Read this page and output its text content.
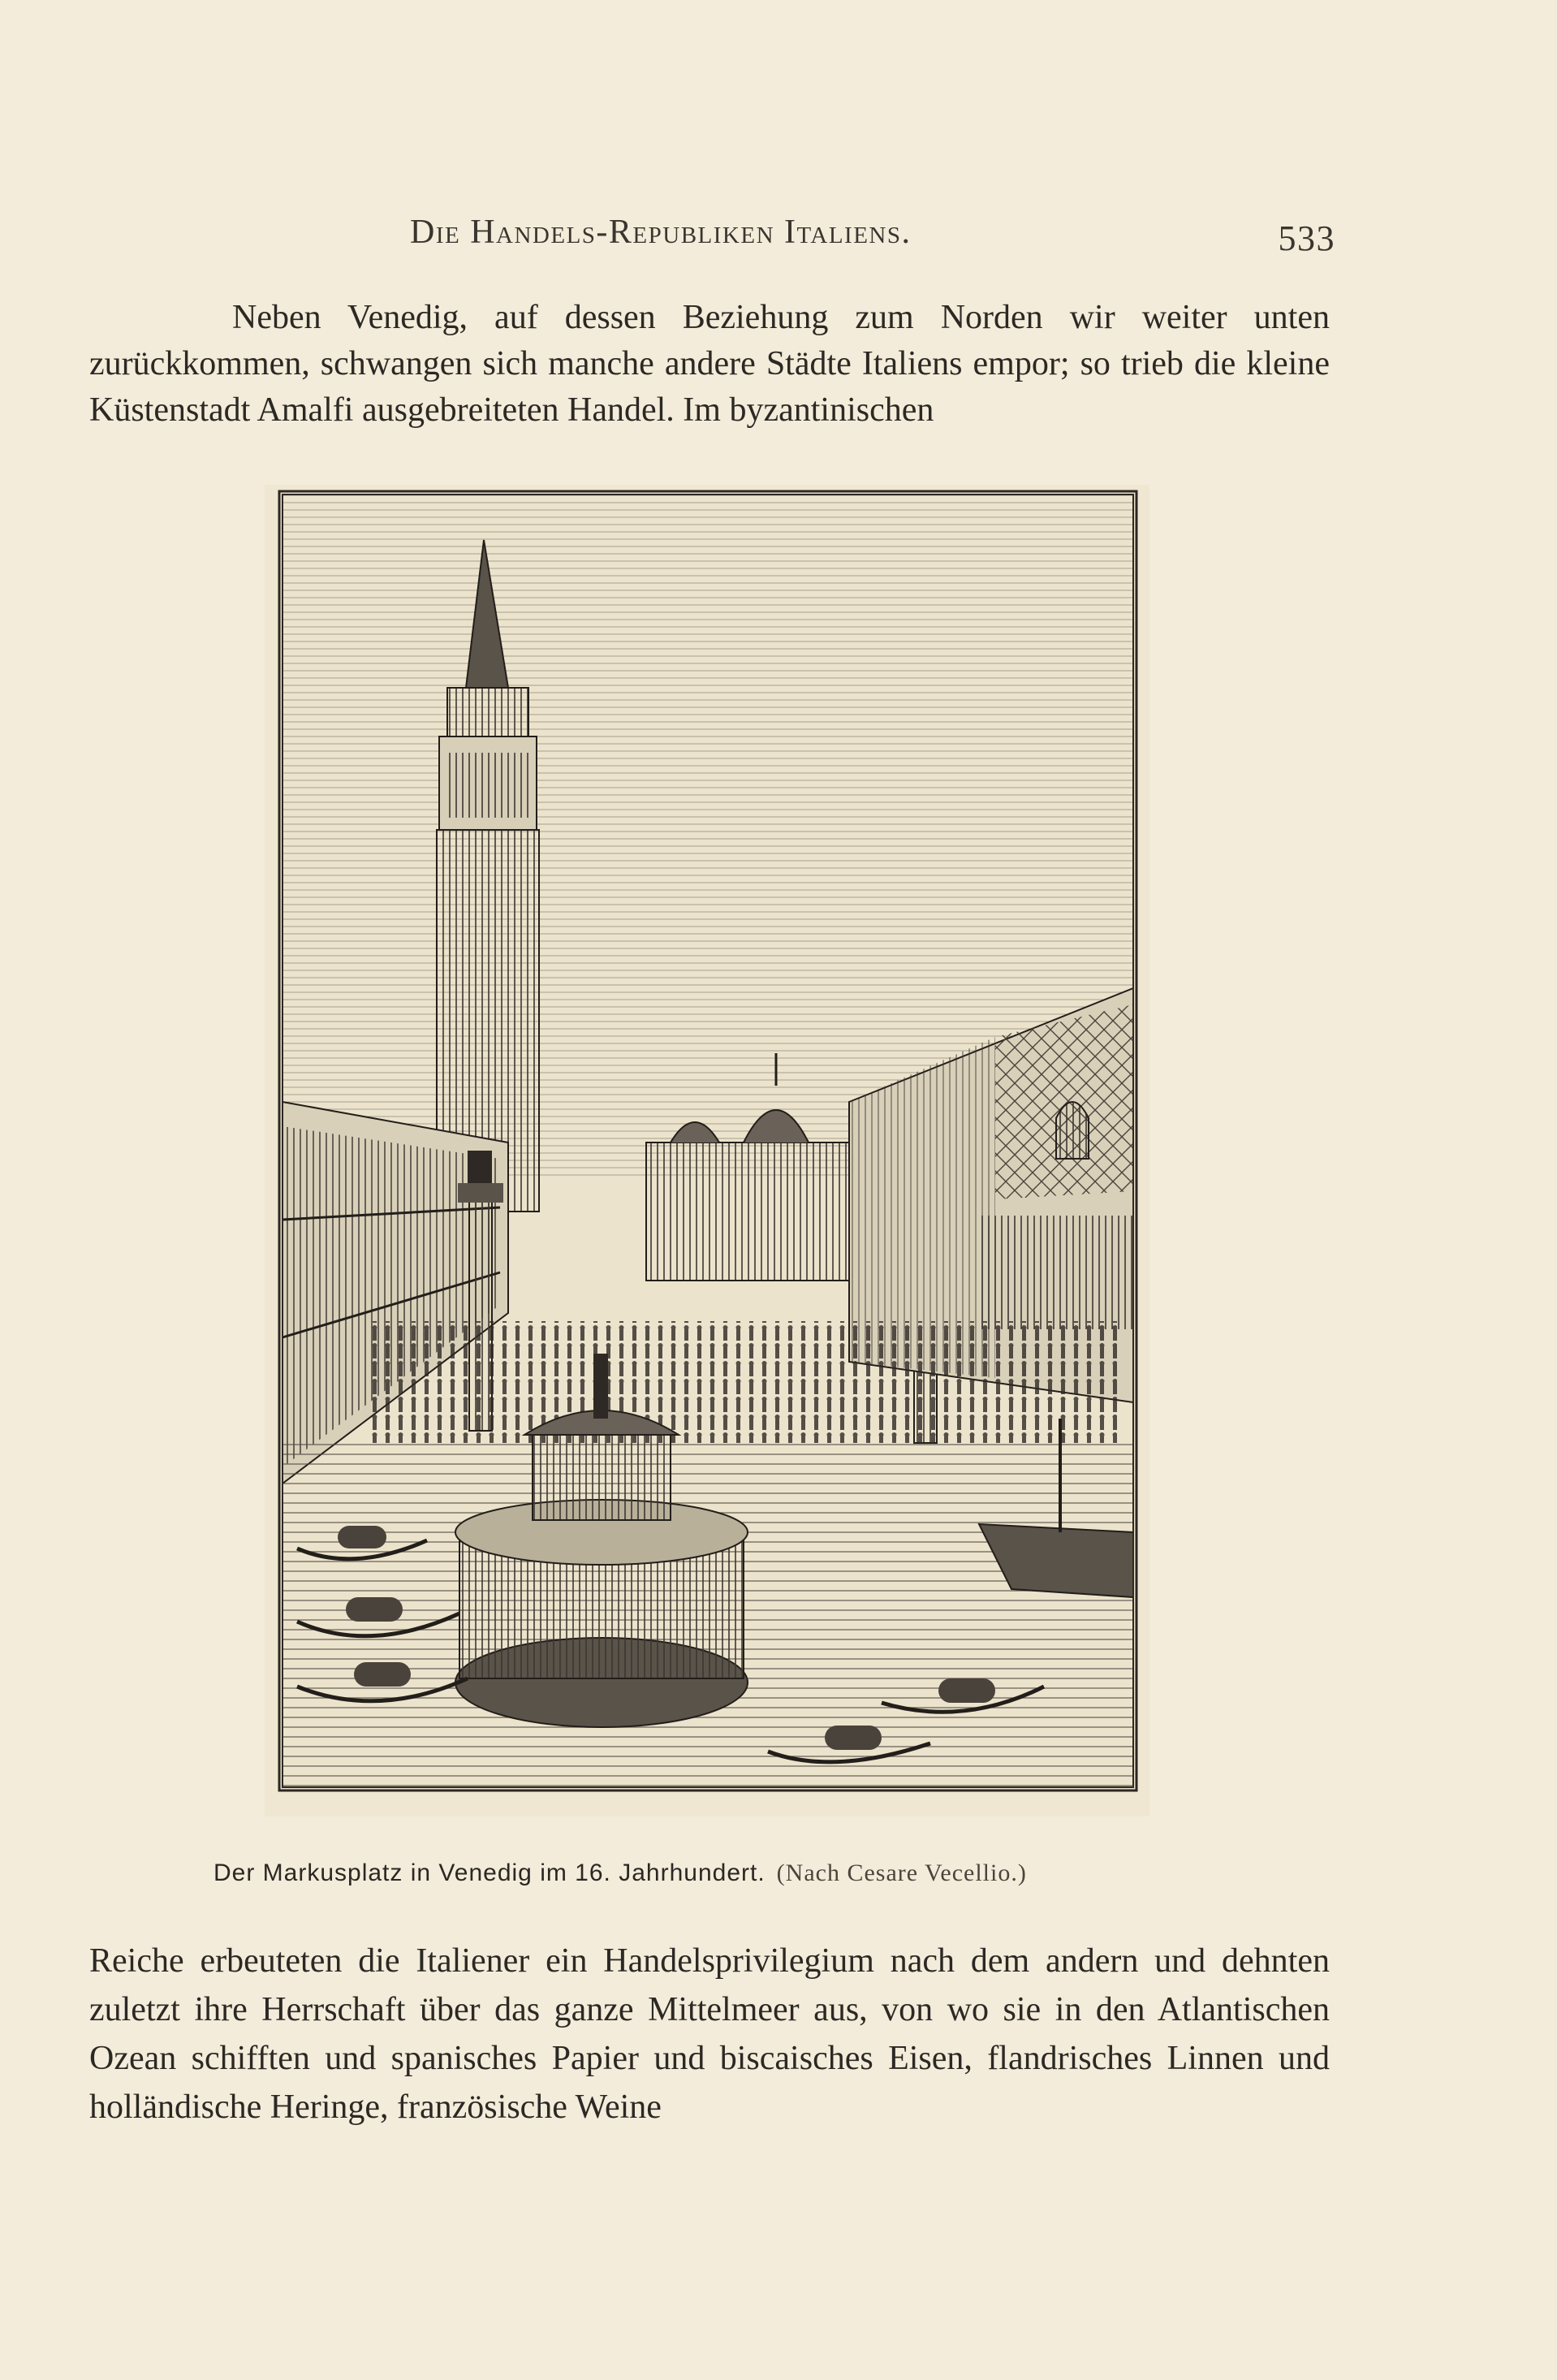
Die Handels-Republiken Italiens.	533

Neben Venedig, auf dessen Beziehung zum Norden wir weiter unten zurückkommen, schwangen sich manche andere Städte Italiens empor; so trieb die kleine Küstenstadt Amalfi ausgebreiteten Handel. Im byzantinischen

Der Markusplatz in Venedig im 16. Jahrhundert. (Nach Cesare Vecellio.)

Reiche erbeuteten die Italiener ein Handelsprivilegium nach dem andern und dehnten zuletzt ihre Herrschaft über das ganze Mittelmeer aus, von wo sie in den Atlantischen Ozean schifften und spanisches Papier und biscaisches Eisen, flandrisches Linnen und holländische Heringe, französische Weine
